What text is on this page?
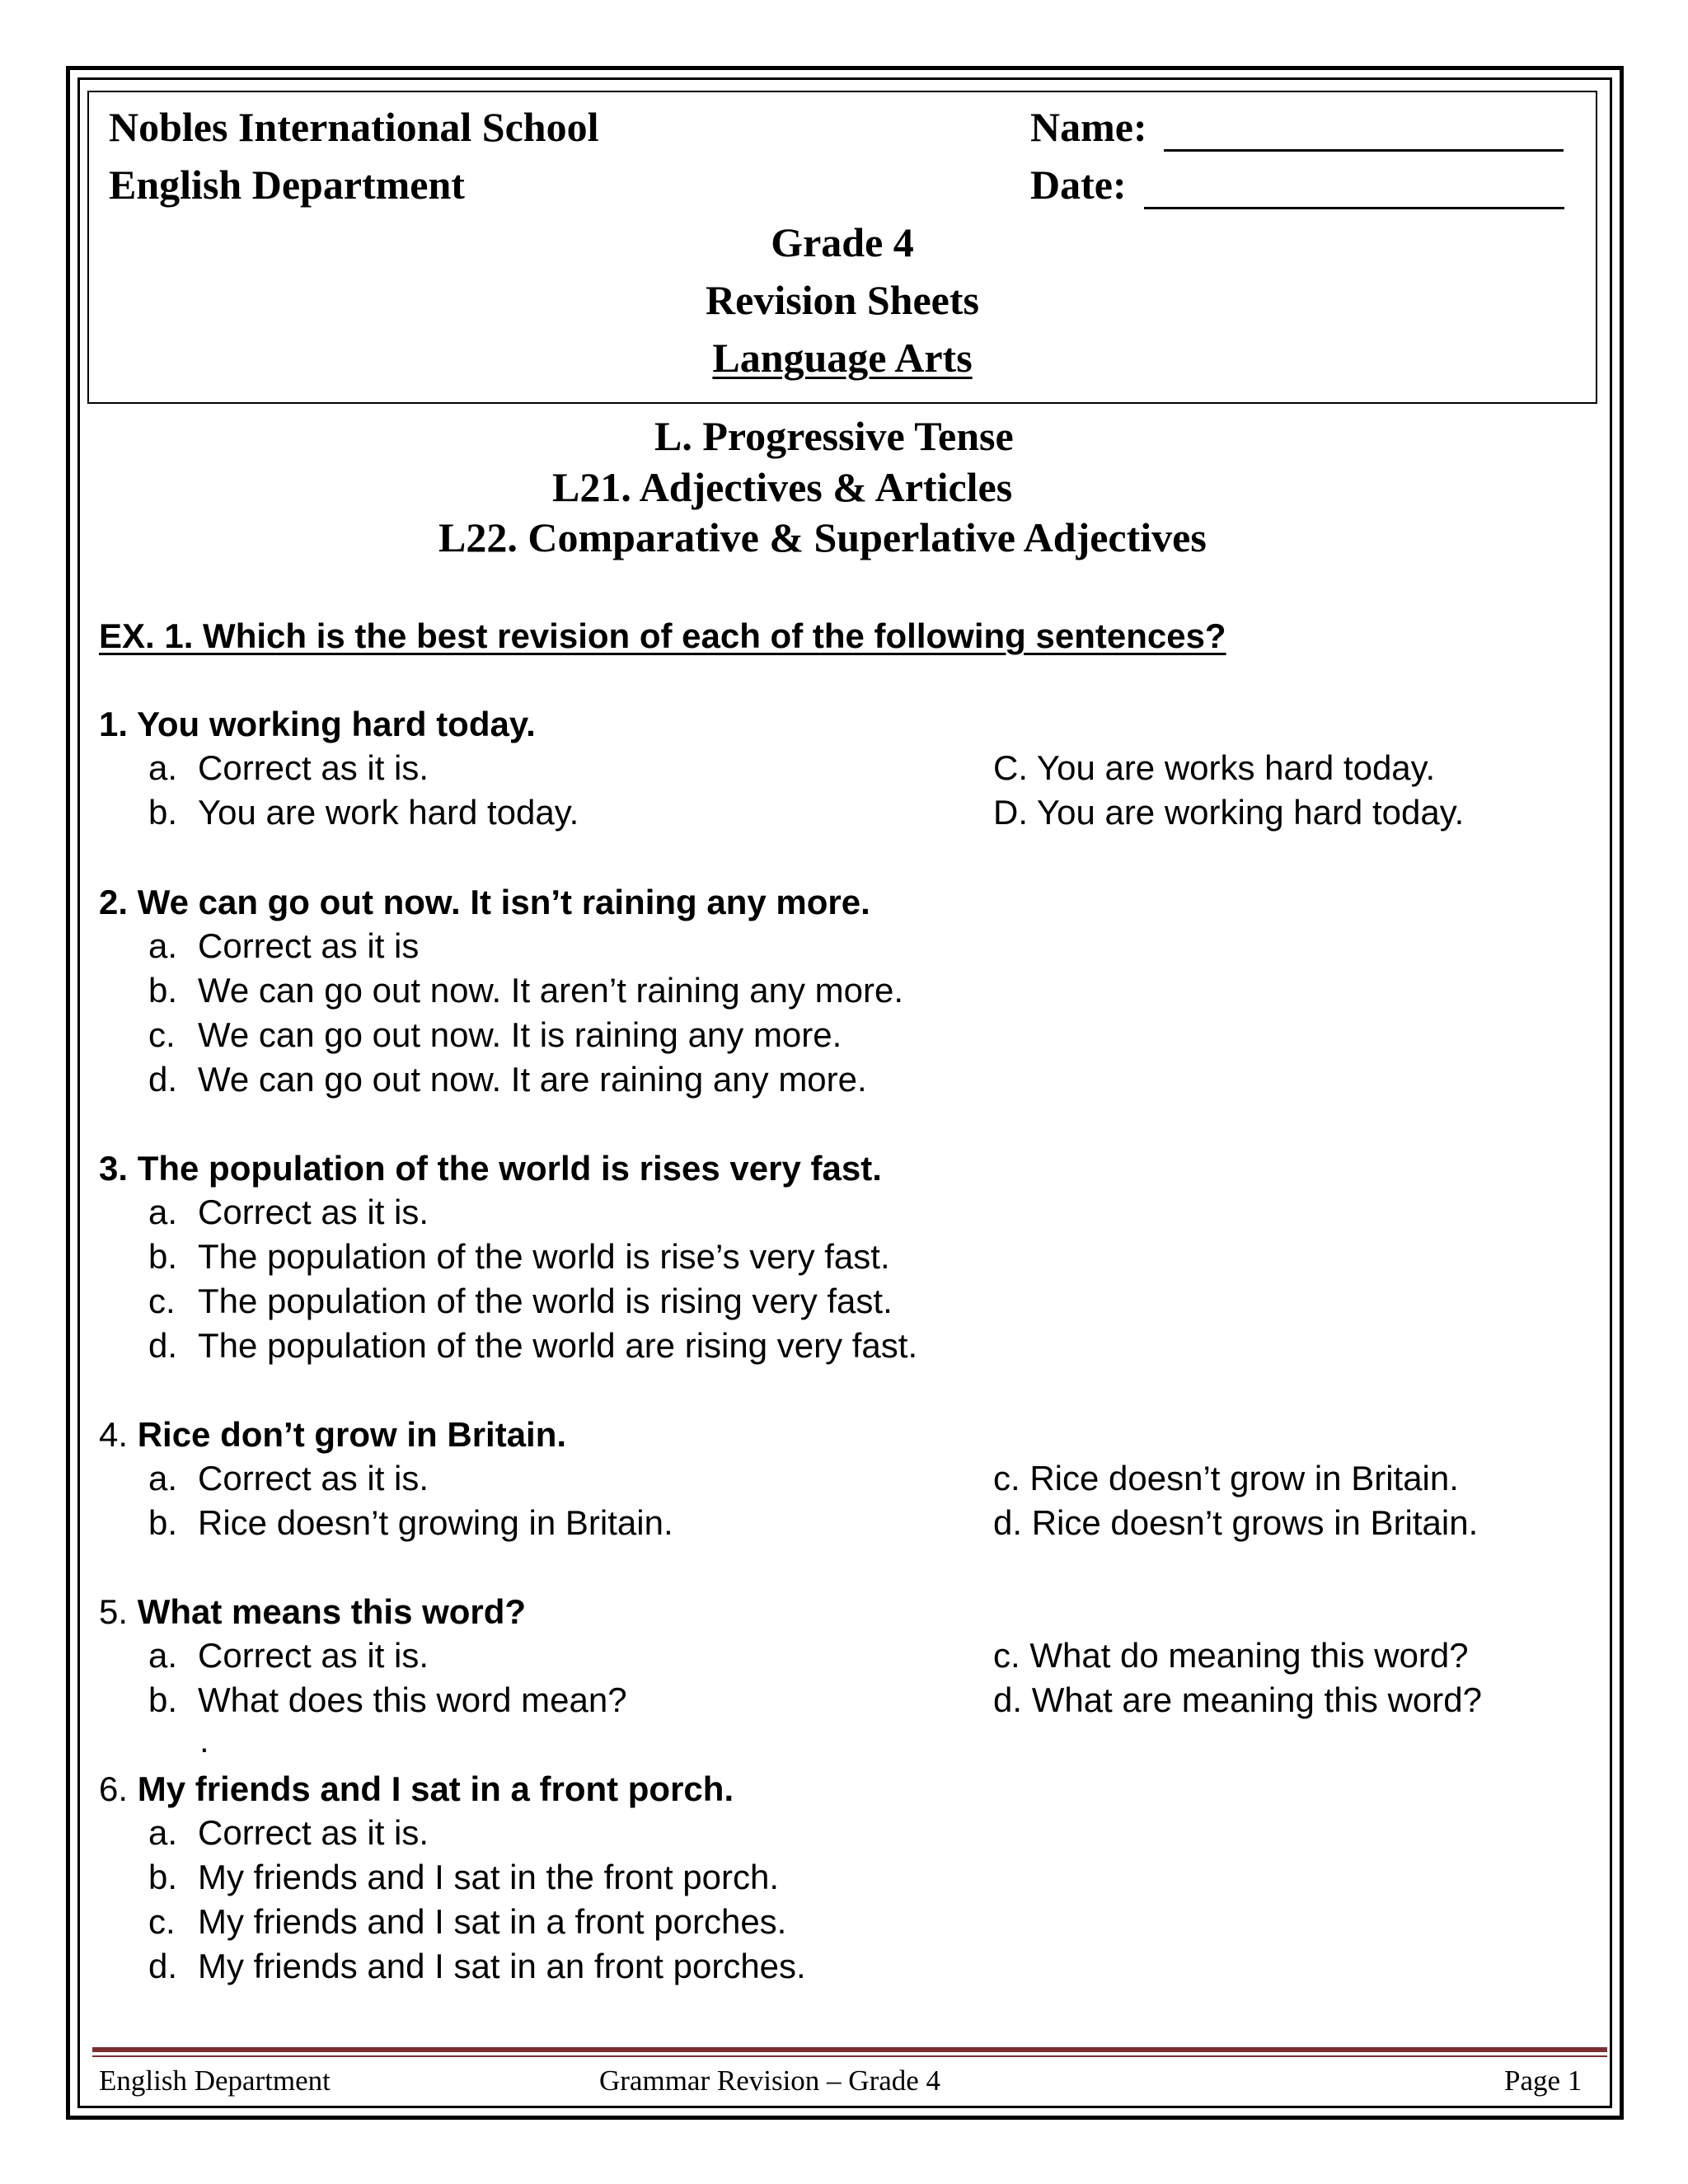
Nobles International School
English Department
Name:
Date:
Grade 4
Revision Sheets
Language Arts
L. Progressive Tense
L21. Adjectives & Articles
L22. Comparative & Superlative Adjectives
EX. 1. Which is the best revision of each of the following sentences?
1. You working hard today.
a. Correct as it is.
b. You are work hard today.
C. You are works hard today.
D. You are working hard today.
2. We can go out now. It isn’t raining any more.
a. Correct as it is
b. We can go out now. It aren’t raining any more.
c. We can go out now. It is raining any more.
d. We can go out now. It are raining any more.
3. The population of the world is rises very fast.
a. Correct as it is.
b. The population of the world is rise’s very fast.
c. The population of the world is rising very fast.
d. The population of the world are rising very fast.
4. Rice don’t grow in Britain.
a. Correct as it is.
b. Rice doesn’t growing in Britain.
c. Rice doesn’t grow in Britain.
d. Rice doesn’t grows in Britain.
5. What means this word?
a. Correct as it is.
b. What does this word mean?
c. What do meaning this word?
d. What are meaning this word?
.
6. My friends and I sat in a front porch.
a. Correct as it is.
b. My friends and I sat in the front porch.
c. My friends and I sat in a front porches.
d. My friends and I sat in an front porches.
English Department	Grammar Revision – Grade 4	Page 1
